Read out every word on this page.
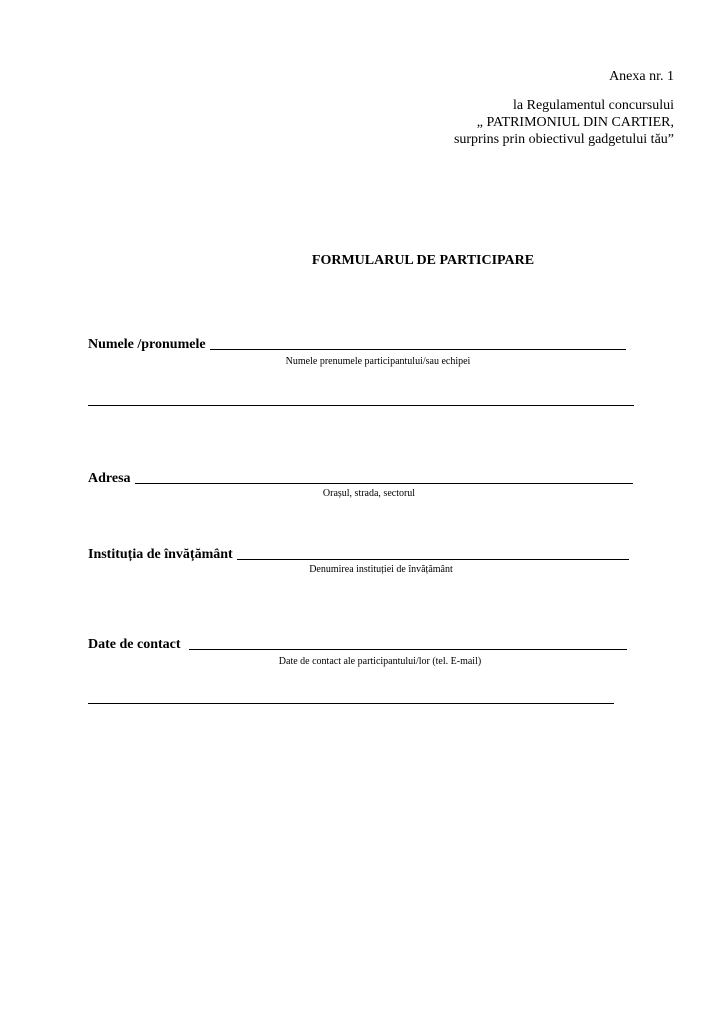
Anexa nr. 1
la Regulamentul concursului
„ PATRIMONIUL DIN CARTIER,
surprins prin obiectivul gadgetului tău”
FORMULARUL DE PARTICIPARE
Numele /pronumele
Numele prenumele participantului/sau echipei
Adresa
Orașul, strada, sectorul
Instituția de învățământ
Denumirea instituției de învățământ
Date de contact
Date de contact ale participantului/lor (tel. E-mail)
